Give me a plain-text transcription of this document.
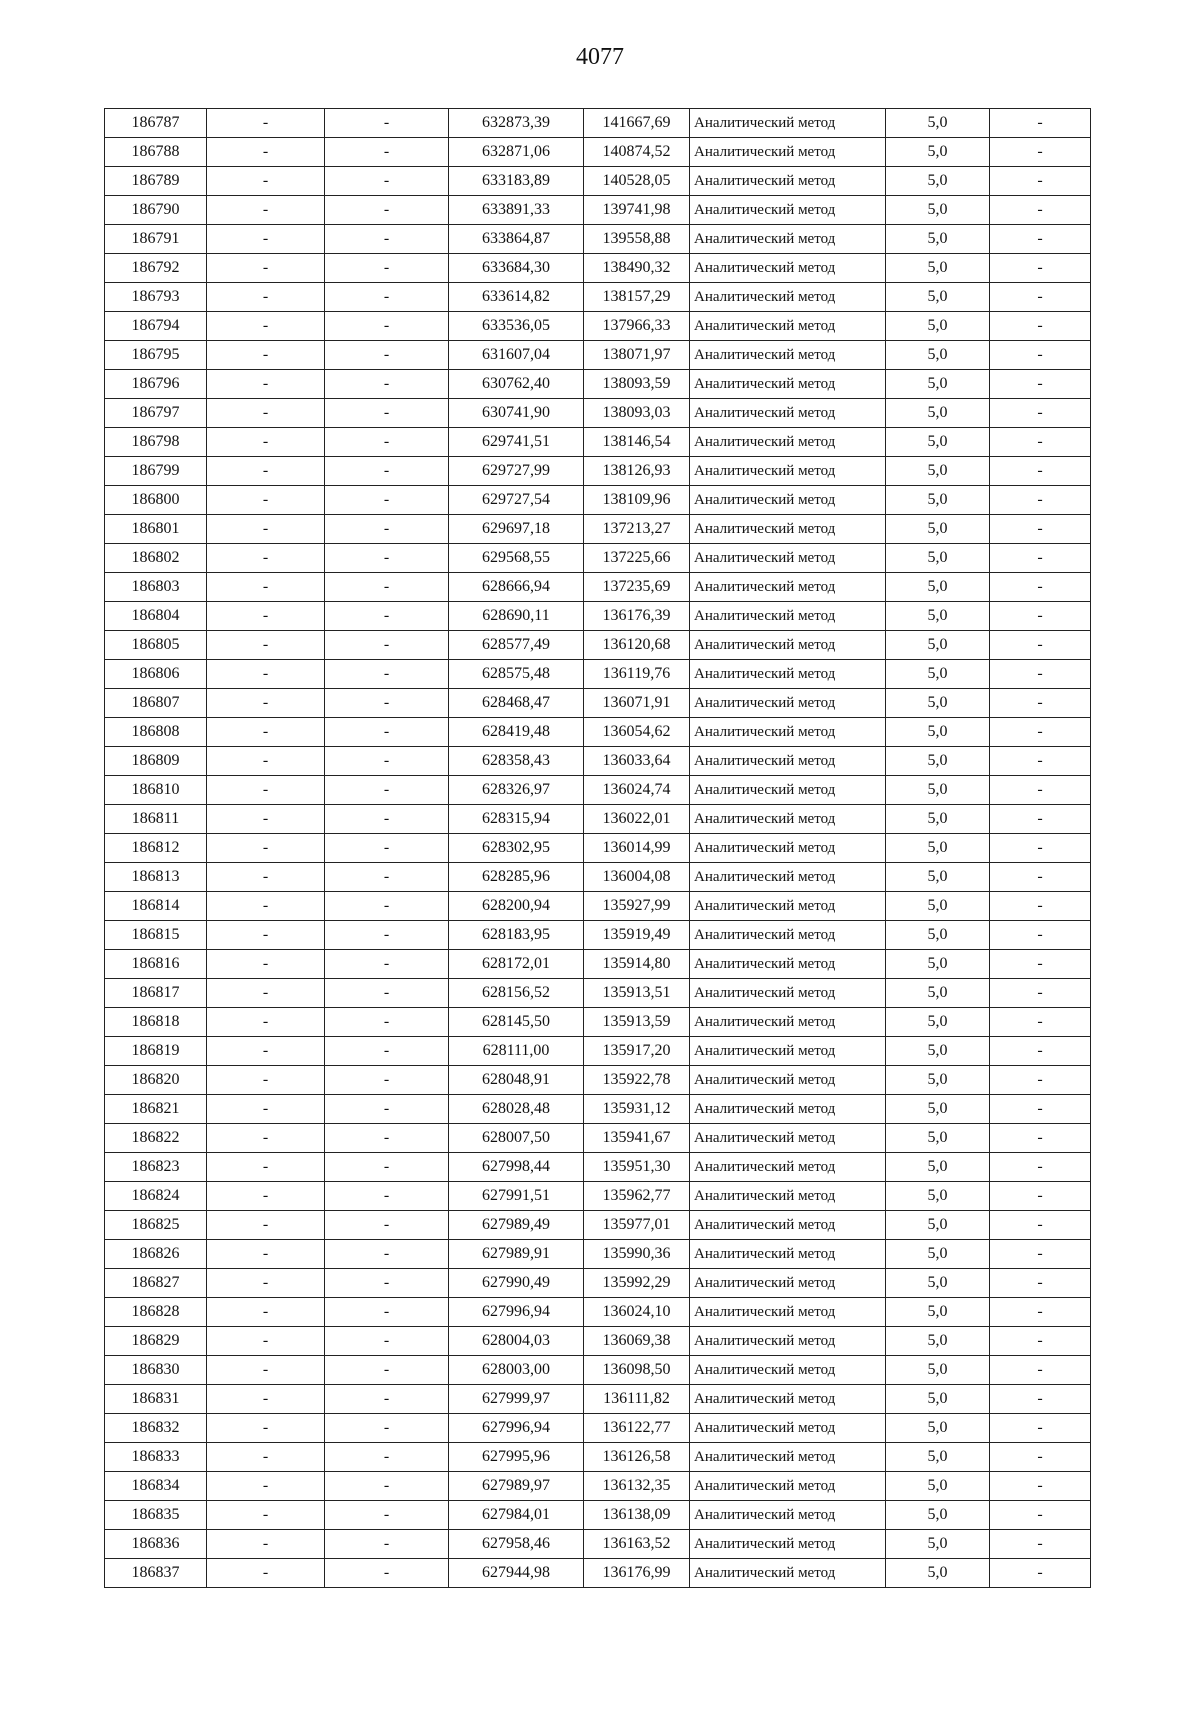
4077
186787	-	-	632873,39	141667,69	Аналитический метод	5,0	-
186788	-	-	632871,06	140874,52	Аналитический метод	5,0	-
186789	-	-	633183,89	140528,05	Аналитический метод	5,0	-
186790	-	-	633891,33	139741,98	Аналитический метод	5,0	-
186791	-	-	633864,87	139558,88	Аналитический метод	5,0	-
186792	-	-	633684,30	138490,32	Аналитический метод	5,0	-
186793	-	-	633614,82	138157,29	Аналитический метод	5,0	-
186794	-	-	633536,05	137966,33	Аналитический метод	5,0	-
186795	-	-	631607,04	138071,97	Аналитический метод	5,0	-
186796	-	-	630762,40	138093,59	Аналитический метод	5,0	-
186797	-	-	630741,90	138093,03	Аналитический метод	5,0	-
186798	-	-	629741,51	138146,54	Аналитический метод	5,0	-
186799	-	-	629727,99	138126,93	Аналитический метод	5,0	-
186800	-	-	629727,54	138109,96	Аналитический метод	5,0	-
186801	-	-	629697,18	137213,27	Аналитический метод	5,0	-
186802	-	-	629568,55	137225,66	Аналитический метод	5,0	-
186803	-	-	628666,94	137235,69	Аналитический метод	5,0	-
186804	-	-	628690,11	136176,39	Аналитический метод	5,0	-
186805	-	-	628577,49	136120,68	Аналитический метод	5,0	-
186806	-	-	628575,48	136119,76	Аналитический метод	5,0	-
186807	-	-	628468,47	136071,91	Аналитический метод	5,0	-
186808	-	-	628419,48	136054,62	Аналитический метод	5,0	-
186809	-	-	628358,43	136033,64	Аналитический метод	5,0	-
186810	-	-	628326,97	136024,74	Аналитический метод	5,0	-
186811	-	-	628315,94	136022,01	Аналитический метод	5,0	-
186812	-	-	628302,95	136014,99	Аналитический метод	5,0	-
186813	-	-	628285,96	136004,08	Аналитический метод	5,0	-
186814	-	-	628200,94	135927,99	Аналитический метод	5,0	-
186815	-	-	628183,95	135919,49	Аналитический метод	5,0	-
186816	-	-	628172,01	135914,80	Аналитический метод	5,0	-
186817	-	-	628156,52	135913,51	Аналитический метод	5,0	-
186818	-	-	628145,50	135913,59	Аналитический метод	5,0	-
186819	-	-	628111,00	135917,20	Аналитический метод	5,0	-
186820	-	-	628048,91	135922,78	Аналитический метод	5,0	-
186821	-	-	628028,48	135931,12	Аналитический метод	5,0	-
186822	-	-	628007,50	135941,67	Аналитический метод	5,0	-
186823	-	-	627998,44	135951,30	Аналитический метод	5,0	-
186824	-	-	627991,51	135962,77	Аналитический метод	5,0	-
186825	-	-	627989,49	135977,01	Аналитический метод	5,0	-
186826	-	-	627989,91	135990,36	Аналитический метод	5,0	-
186827	-	-	627990,49	135992,29	Аналитический метод	5,0	-
186828	-	-	627996,94	136024,10	Аналитический метод	5,0	-
186829	-	-	628004,03	136069,38	Аналитический метод	5,0	-
186830	-	-	628003,00	136098,50	Аналитический метод	5,0	-
186831	-	-	627999,97	136111,82	Аналитический метод	5,0	-
186832	-	-	627996,94	136122,77	Аналитический метод	5,0	-
186833	-	-	627995,96	136126,58	Аналитический метод	5,0	-
186834	-	-	627989,97	136132,35	Аналитический метод	5,0	-
186835	-	-	627984,01	136138,09	Аналитический метод	5,0	-
186836	-	-	627958,46	136163,52	Аналитический метод	5,0	-
186837	-	-	627944,98	136176,99	Аналитический метод	5,0	-
